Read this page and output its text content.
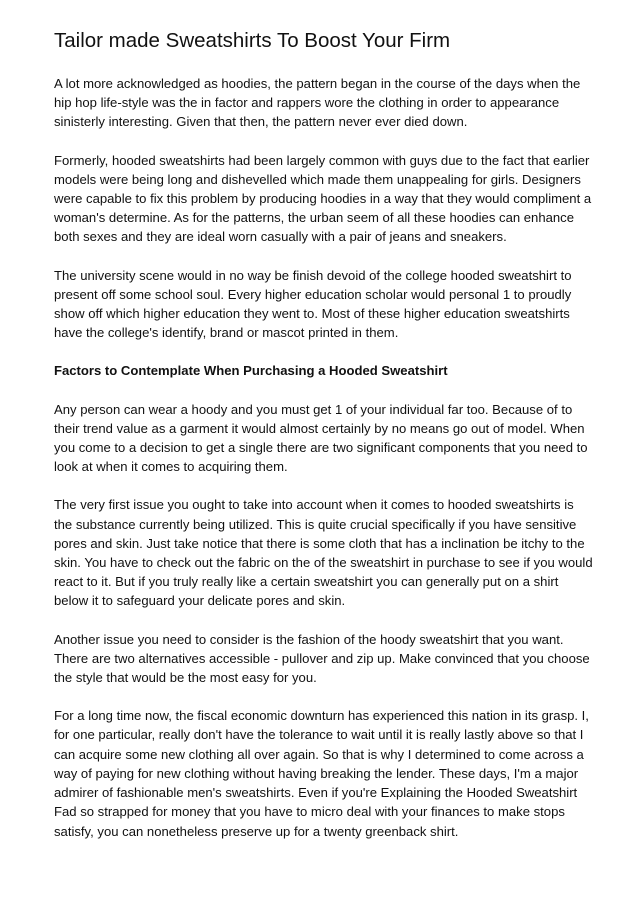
Tailor made Sweatshirts To Boost Your Firm
A lot more acknowledged as hoodies, the pattern began in the course of the days when the
hip hop life-style was the in factor and rappers wore the clothing in order to appearance
sinisterly interesting. Given that then, the pattern never ever died down.
Formerly, hooded sweatshirts had been largely common with guys due to the fact that earlier
models were being long and dishevelled which made them unappealing for girls. Designers
were capable to fix this problem by producing hoodies in a way that they would compliment a
woman's determine. As for the patterns, the urban seem of all these hoodies can enhance
both sexes and they are ideal worn casually with a pair of jeans and sneakers.
The university scene would in no way be finish devoid of the college hooded sweatshirt to
present off some school soul. Every higher education scholar would personal 1 to proudly
show off which higher education they went to. Most of these higher education sweatshirts
have the college's identify, brand or mascot printed in them.
Factors to Contemplate When Purchasing a Hooded Sweatshirt
Any person can wear a hoody and you must get 1 of your individual far too. Because of to
their trend value as a garment it would almost certainly by no means go out of model. When
you come to a decision to get a single there are two significant components that you need to
look at when it comes to acquiring them.
The very first issue you ought to take into account when it comes to hooded sweatshirts is
the substance currently being utilized. This is quite crucial specifically if you have sensitive
pores and skin. Just take notice that there is some cloth that has a inclination be itchy to the
skin. You have to check out the fabric on the of the sweatshirt in purchase to see if you would
react to it. But if you truly really like a certain sweatshirt you can generally put on a shirt
below it to safeguard your delicate pores and skin.
Another issue you need to consider is the fashion of the hoody sweatshirt that you want.
There are two alternatives accessible - pullover and zip up. Make convinced that you choose
the style that would be the most easy for you.
For a long time now, the fiscal economic downturn has experienced this nation in its grasp. I,
for one particular, really don't have the tolerance to wait until it is really lastly above so that I
can acquire some new clothing all over again. So that is why I determined to come across a
way of paying for new clothing without having breaking the lender. These days, I'm a major
admirer of fashionable men's sweatshirts. Even if you're Explaining the Hooded Sweatshirt
Fad so strapped for money that you have to micro deal with your finances to make stops
satisfy, you can nonetheless preserve up for a twenty greenback shirt.
